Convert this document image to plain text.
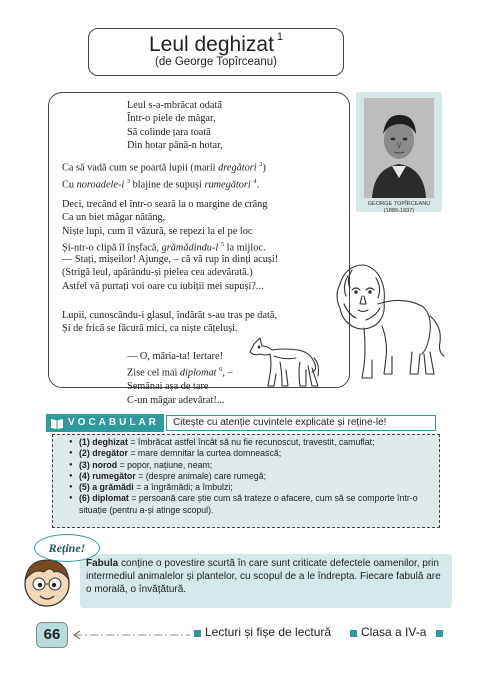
Leul deghizat $^1$
(de George Topîrceanu)
Leul s-a-mbrăcat odată
Într-o piele de măgar,
Să colinde țara toată
Din hotar până-n hotar,
Ca să vadă cum se poartă lupii (marii dregători $^2$)
Cu noroadele-i $^3$ blajine de supuși rumegători $^4$.
Deci, trecând el într-o seară la o margine de crâng
Ca un biet măgar nătâng,
Niște lupi, cum îl văzură, se repezi la el pe loc
Și-ntr-o clipă îl înșfacă, grămădindu-l $^5$ la mijloc.
— Stați, mișeilor! Ajunge, – că vă rup în dinți acuși!
(Strigă leul, apărându-și pielea cea adevărată.)
Astfel vă purtați voi oare cu iubiții mei supuși?...
Lupii, cunoscându-i glasul, îndărăt s-au tras pe dată,
Și de frică se făcură mici, ca niște cățeluși.
— O, măria-ta! Iertare!
Zise cel mai diplomat $^6$, –
Semănai așa de tare
C-un măgar adevărat!...
GEORGE TOPÎRCEANU
(1886-1937)
VOCABULAR	Citește cu atenție cuvintele explicate și reține-le!
● (1) deghizat = îmbrăcat astfel încât să nu fie recunoscut, travestit, camuflat;
● (2) dregător = mare demnitar la curtea domnească;
● (3) norod = popor, națiune, neam;
● (4) rumegător = (despre animale) care rumegă;
● (5) a grămădi = a îngrămădi; a îmbulzi;
● (6) diplomat = persoană care știe cum să trateze o afacere, cum să se comporte într-o situație (pentru a-și atinge scopul).
Fabula conține o povestire scurtă în care sunt criticate defectele oamenilor, prin intermediul animalelor și plantelor, cu scopul de a le îndrepta. Fiecare fabulă are o morală, o învățătură.
Reține!
66	Lecturi și fișe de lectură Clasa a IV-a
